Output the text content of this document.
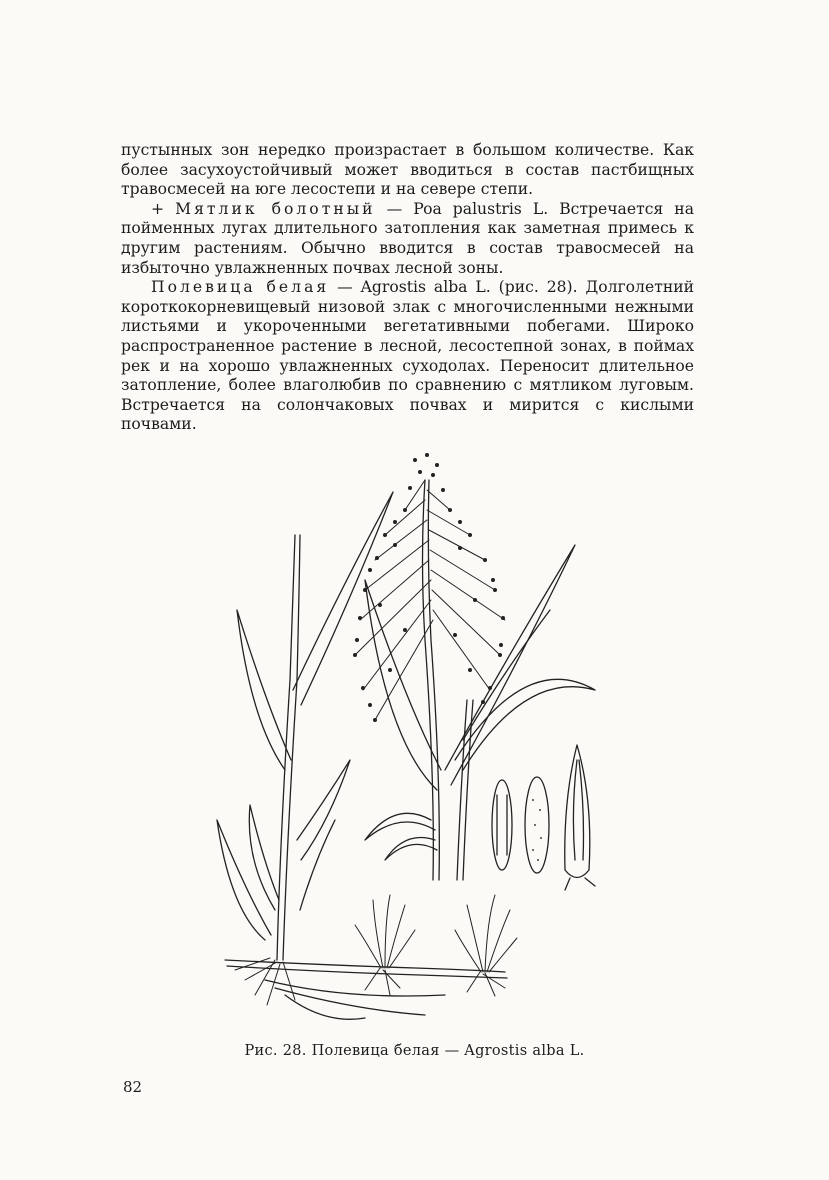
пустынных зон нередко произрастает в большом количестве. Как более засухоустойчивый может вводиться в состав пастбищных травосмесей на юге лесостепи и на севере степи.

+ Мятлик болотный — Poa palustris L. Встречается на пойменных лугах длительного затопления как заметная примесь к другим растениям. Обычно вводится в состав травосмесей на избыточно увлажненных почвах лесной зоны.

Полевица белая — Agrostis alba L. (рис. 28). Долголетний короткокорневищевый низовой злак с многочисленными нежными листьями и укороченными вегетативными побегами. Широко распространенное растение в лесной, лесостепной зонах, в поймах рек и на хорошо увлажненных суходолах. Переносит длительное затопление, более влаголюбив по сравнению с мятликом луговым. Встречается на солончаковых почвах и мирится с кислыми почвами.

Рис. 28. Полевица белая — Agrostis alba L.
82
